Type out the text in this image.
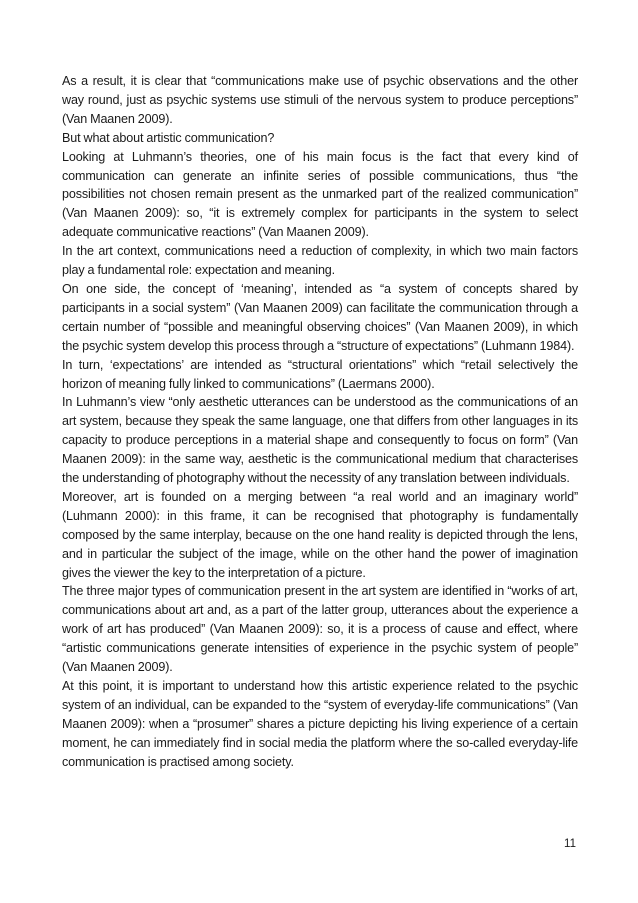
As a result, it is clear that “communications make use of psychic observations and the other way round, just as psychic systems use stimuli of the nervous system to produce perceptions” (Van Maanen 2009).

But what about artistic communication?

Looking at Luhmann’s theories, one of his main focus is the fact that every kind of communication can generate an infinite series of possible communications, thus “the possibilities not chosen remain present as the unmarked part of the realized communication” (Van Maanen 2009): so, “it is extremely complex for participants in the system to select adequate communicative reactions” (Van Maanen 2009).

In the art context, communications need a reduction of complexity, in which two main factors play a fundamental role: expectation and meaning.

On one side, the concept of ‘meaning’, intended as “a system of concepts shared by participants in a social system” (Van Maanen 2009) can facilitate the communication through a certain number of “possible and meaningful observing choices” (Van Maanen 2009), in which the psychic system develop this process through a “structure of expectations” (Luhmann 1984).

In turn, ‘expectations’ are intended as “structural orientations” which “retail selectively the horizon of meaning fully linked to communications” (Laermans 2000).

In Luhmann’s view “only aesthetic utterances can be understood as the communications of an art system, because they speak the same language, one that differs from other languages in its capacity to produce perceptions in a material shape and consequently to focus on form” (Van Maanen 2009): in the same way, aesthetic is the communicational medium that characterises the understanding of photography without the necessity of any translation between individuals.

Moreover, art is founded on a merging between “a real world and an imaginary world” (Luhmann 2000): in this frame, it can be recognised that photography is fundamentally composed by the same interplay, because on the one hand reality is depicted through the lens, and in particular the subject of the image, while on the other hand the power of imagination gives the viewer the key to the interpretation of a picture.

The three major types of communication present in the art system are identified in “works of art, communications about art and, as a part of the latter group, utterances about the experience a work of art has produced” (Van Maanen 2009): so, it is a process of cause and effect, where “artistic communications generate intensities of experience in the psychic system of people” (Van Maanen 2009).

At this point, it is important to understand how this artistic experience related to the psychic system of an individual, can be expanded to the “system of everyday-life communications” (Van Maanen 2009): when a “prosumer” shares a picture depicting his living experience of a certain moment, he can immediately find in social media the platform where the so-called everyday-life communication is practised among society.

11
